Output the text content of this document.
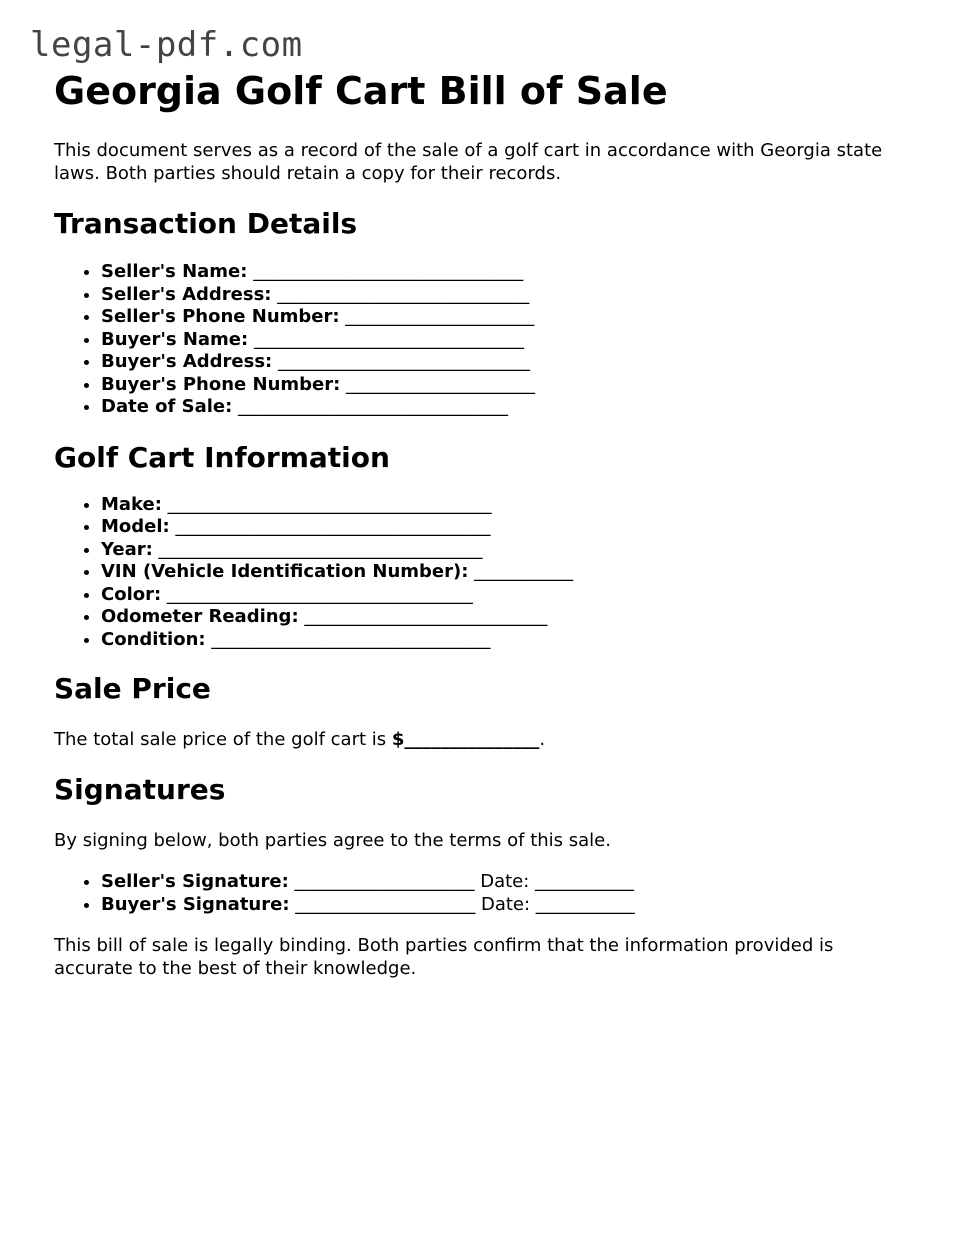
legal-pdf.com
Georgia Golf Cart Bill of Sale

This document serves as a record of the sale of a golf cart in accordance with Georgia state laws. Both parties should retain a copy for their records.

Transaction Details
• Seller's Name: ______________________________
• Seller's Address: ____________________________
• Seller's Phone Number: _____________________
• Buyer's Name: ______________________________
• Buyer's Address: ____________________________
• Buyer's Phone Number: _____________________
• Date of Sale: ______________________________
Golf Cart Information
• Make: ____________________________________
• Model: ___________________________________
• Year: ____________________________________
• VIN (Vehicle Identification Number): ___________
• Color: __________________________________
• Odometer Reading: ___________________________
• Condition: _______________________________
Sale Price

The total sale price of the golf cart is $_______________.

Signatures

By signing below, both parties agree to the terms of this sale.

• Seller's Signature: ____________________ Date: ___________
• Buyer's Signature: ____________________ Date: ___________

This bill of sale is legally binding. Both parties confirm that the information provided is accurate to the best of their knowledge.
